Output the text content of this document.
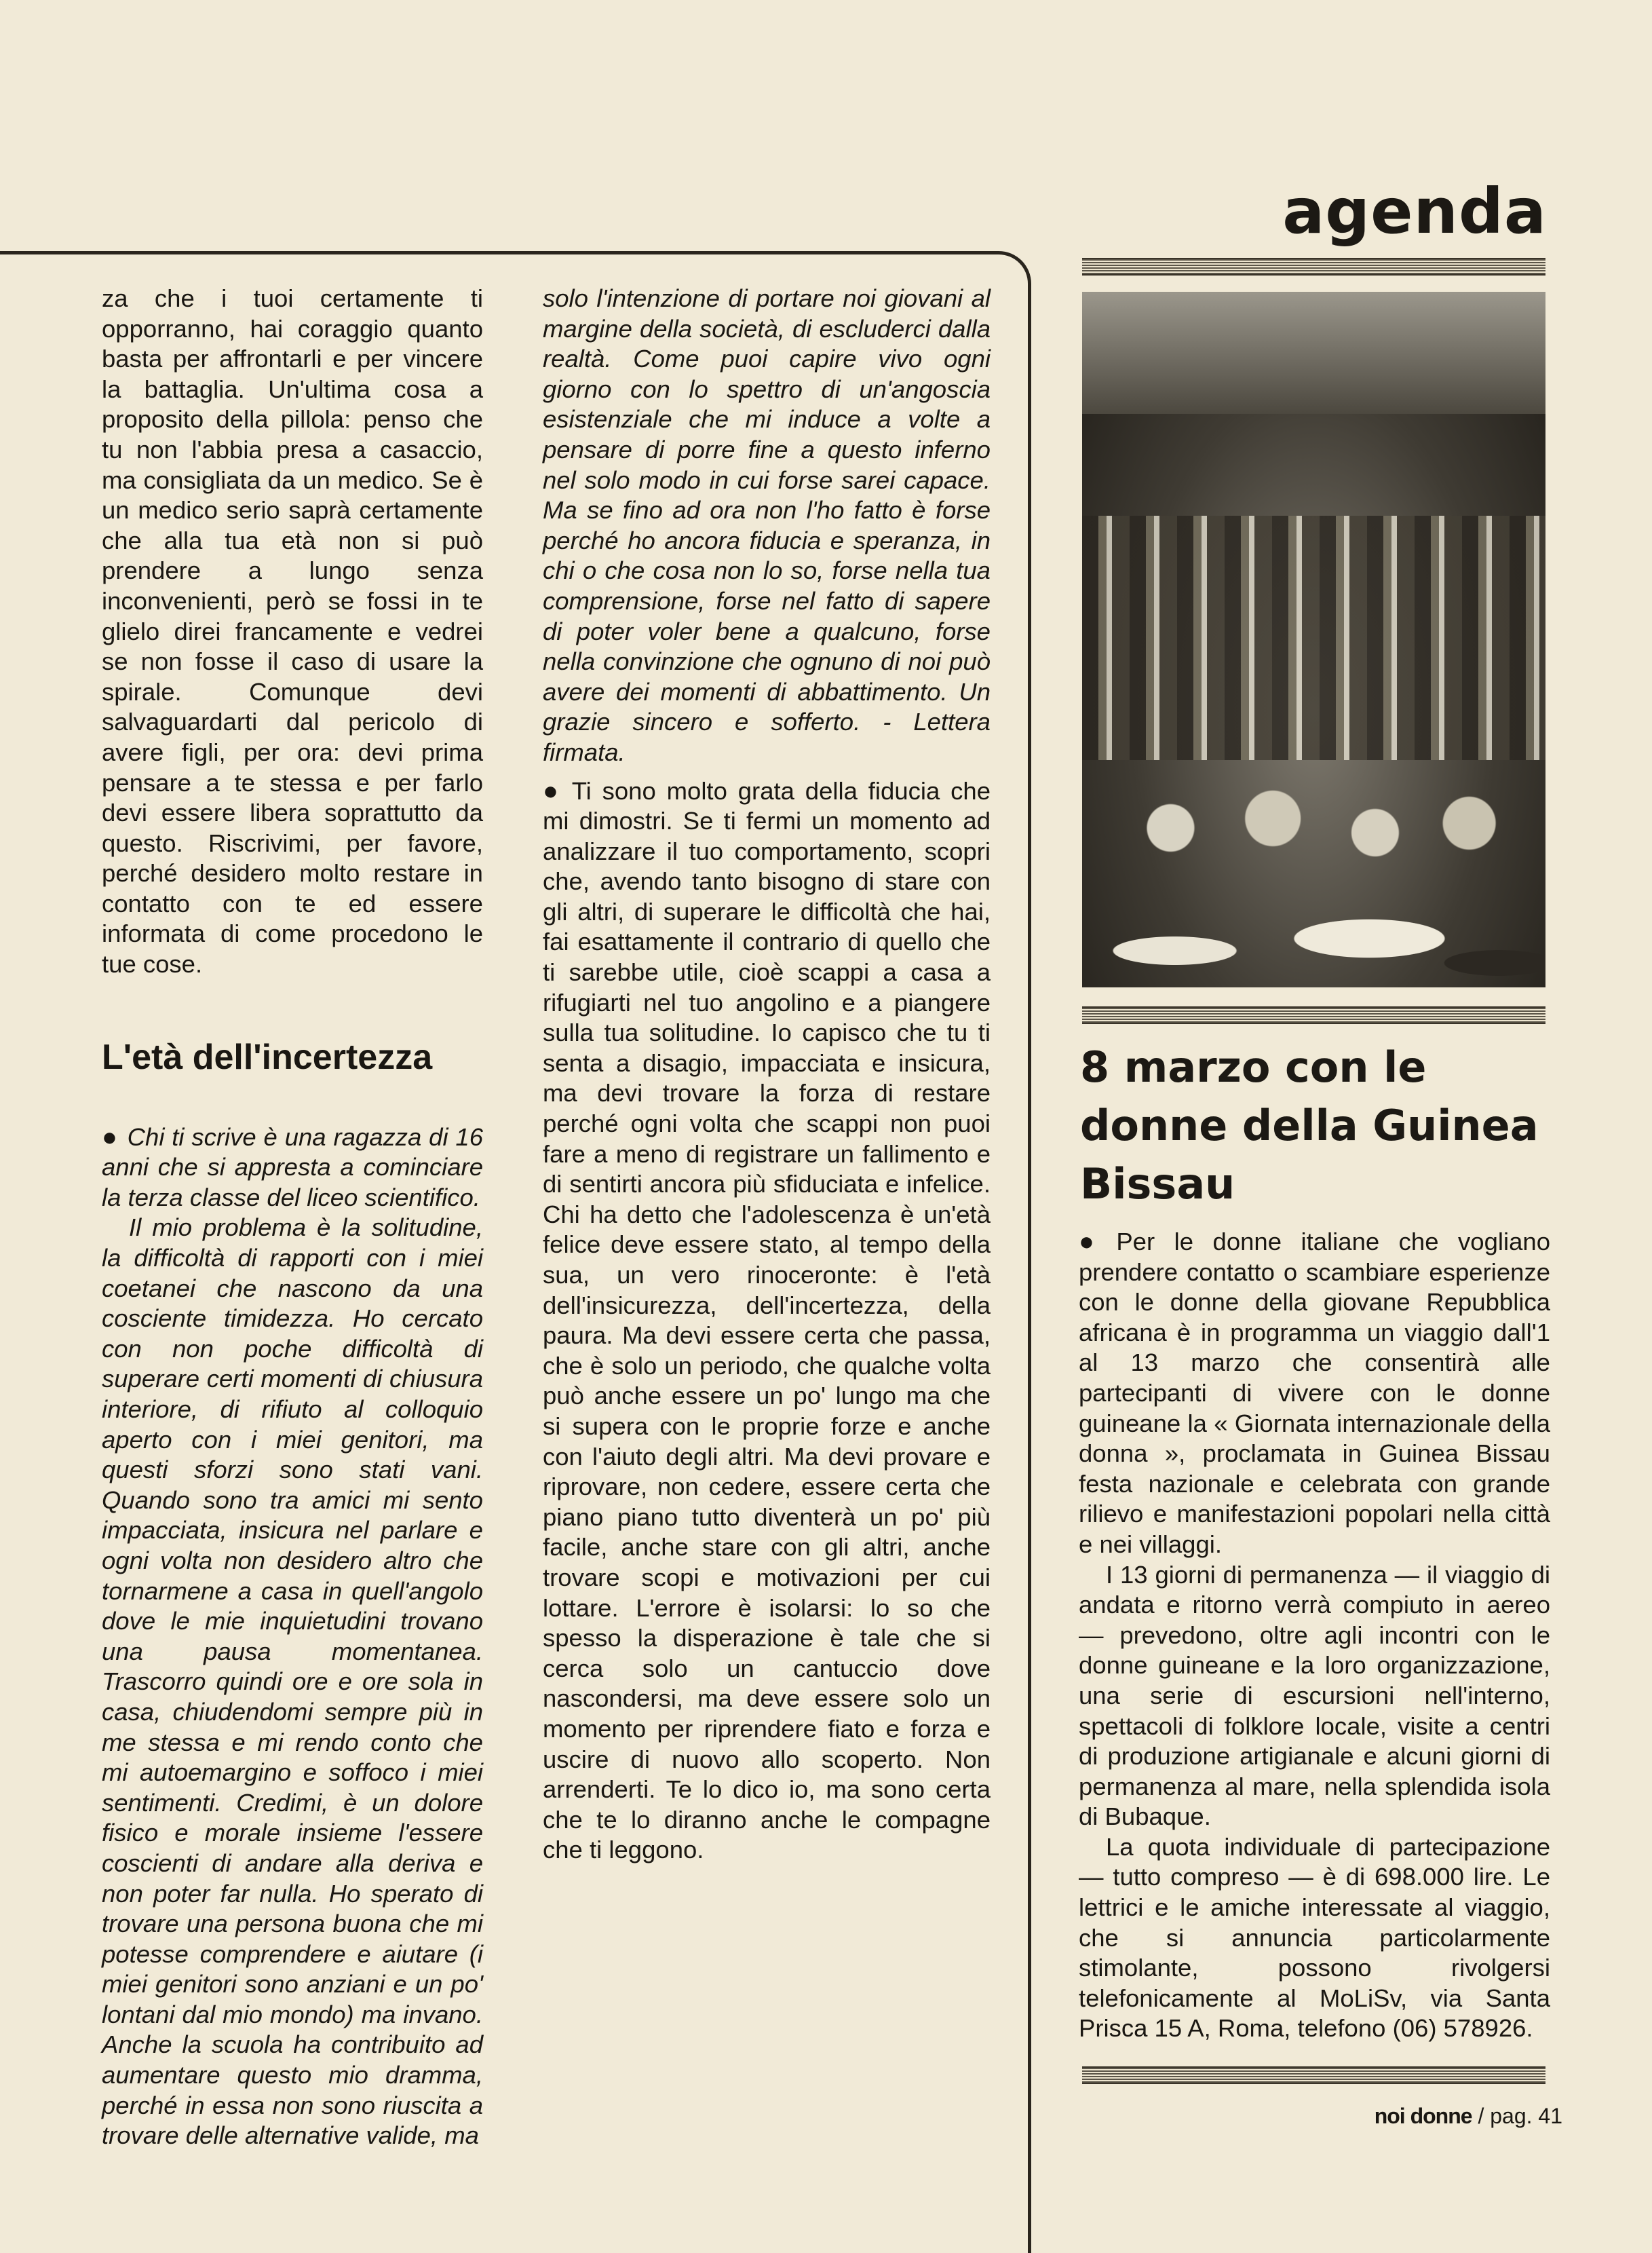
agenda

za che i tuoi certamente ti opporranno, hai coraggio quanto basta per affrontarli e per vincere la battaglia. Un'ultima cosa a proposito della pillola: penso che tu non l'abbia presa a casaccio, ma consigliata da un medico. Se è un medico serio saprà certamente che alla tua età non si può prendere a lungo senza inconvenienti, però se fossi in te glielo direi francamente e vedrei se non fosse il caso di usare la spirale. Comunque devi salvaguardarti dal pericolo di avere figli, per ora: devi prima pensare a te stessa e per farlo devi essere libera soprattutto da questo. Riscrivimi, per favore, perché desidero molto restare in contatto con te ed essere informata di come procedono le tue cose.

L'età dell'incertezza

● Chi ti scrive è una ragazza di 16 anni che si appresta a cominciare la terza classe del liceo scientifico.

Il mio problema è la solitudine, la difficoltà di rapporti con i miei coetanei che nascono da una cosciente timidezza. Ho cercato con non poche difficoltà di superare certi momenti di chiusura interiore, di rifiuto al colloquio aperto con i miei genitori, ma questi sforzi sono stati vani. Quando sono tra amici mi sento impacciata, insicura nel parlare e ogni volta non desidero altro che tornarmene a casa in quell'angolo dove le mie inquietudini trovano una pausa momentanea. Trascorro quindi ore e ore sola in casa, chiudendomi sempre più in me stessa e mi rendo conto che mi autoemargino e soffoco i miei sentimenti. Credimi, è un dolore fisico e morale insieme l'essere coscienti di andare alla deriva e non poter far nulla. Ho sperato di trovare una persona buona che mi potesse comprendere e aiutare (i miei genitori sono anziani e un po' lontani dal mio mondo) ma invano. Anche la scuola ha contribuito ad aumentare questo mio dramma, perché in essa non sono riuscita a trovare delle alternative valide, ma

solo l'intenzione di portare noi giovani al margine della società, di escluderci dalla realtà. Come puoi capire vivo ogni giorno con lo spettro di un'angoscia esistenziale che mi induce a volte a pensare di porre fine a questo inferno nel solo modo in cui forse sarei capace. Ma se fino ad ora non l'ho fatto è forse perché ho ancora fiducia e speranza, in chi o che cosa non lo so, forse nella tua comprensione, forse nel fatto di sapere di poter voler bene a qualcuno, forse nella convinzione che ognuno di noi può avere dei momenti di abbattimento. Un grazie sincero e sofferto. - Lettera firmata.

● Ti sono molto grata della fiducia che mi dimostri. Se ti fermi un momento ad analizzare il tuo comportamento, scopri che, avendo tanto bisogno di stare con gli altri, di superare le difficoltà che hai, fai esattamente il contrario di quello che ti sarebbe utile, cioè scappi a casa a rifugiarti nel tuo angolino e a piangere sulla tua solitudine. Io capisco che tu ti senta a disagio, impacciata e insicura, ma devi trovare la forza di restare perché ogni volta che scappi non puoi fare a meno di registrare un fallimento e di sentirti ancora più sfiduciata e infelice. Chi ha detto che l'adolescenza è un'età felice deve essere stato, al tempo della sua, un vero rinoceronte: è l'età dell'insicurezza, dell'incertezza, della paura. Ma devi essere certa che passa, che è solo un periodo, che qualche volta può anche essere un po' lungo ma che si supera con le proprie forze e anche con l'aiuto degli altri. Ma devi provare e riprovare, non cedere, essere certa che piano piano tutto diventerà un po' più facile, anche stare con gli altri, anche trovare scopi e motivazioni per cui lottare. L'errore è isolarsi: lo so che spesso la disperazione è tale che si cerca solo un cantuccio dove nascondersi, ma deve essere solo un momento per riprendere fiato e forza e uscire di nuovo allo scoperto. Non arrenderti. Te lo dico io, ma sono certa che te lo diranno anche le compagne che ti leggono.

8 marzo con le donne della Guinea Bissau

● Per le donne italiane che vogliano prendere contatto o scambiare esperienze con le donne della giovane Repubblica africana è in programma un viaggio dall'1 al 13 marzo che consentirà alle partecipanti di vivere con le donne guineane la « Giornata internazionale della donna », proclamata in Guinea Bissau festa nazionale e celebrata con grande rilievo e manifestazioni popolari nella città e nei villaggi.

I 13 giorni di permanenza — il viaggio di andata e ritorno verrà compiuto in aereo — prevedono, oltre agli incontri con le donne guineane e la loro organizzazione, una serie di escursioni nell'interno, spettacoli di folklore locale, visite a centri di produzione artigianale e alcuni giorni di permanenza al mare, nella splendida isola di Bubaque.

La quota individuale di partecipazione — tutto compreso — è di 698.000 lire. Le lettrici e le amiche interessate al viaggio, che si annuncia particolarmente stimolante, possono rivolgersi telefonicamente al MoLiSv, via Santa Prisca 15 A, Roma, telefono (06) 578926.

noi donne / pag. 41
